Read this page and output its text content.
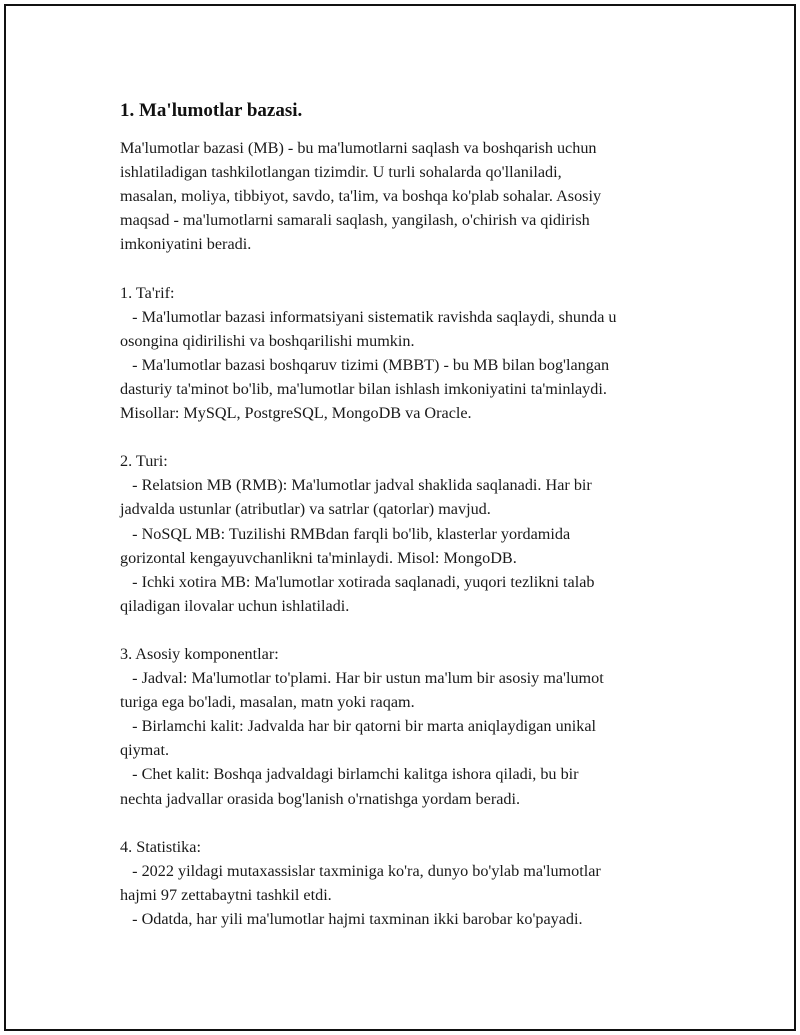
1. Ma'lumotlar bazasi.

Ma'lumotlar bazasi (MB) - bu ma'lumotlarni saqlash va boshqarish uchun

ishlatiladigan tashkilotlangan tizimdir. U turli sohalarda qo'llaniladi,

masalan, moliya, tibbiyot, savdo, ta'lim, va boshqa ko'plab sohalar. Asosiy

maqsad - ma'lumotlarni samarali saqlash, yangilash, o'chirish va qidirish

imkoniyatini beradi.

1. Ta'rif:

- Ma'lumotlar bazasi informatsiyani sistematik ravishda saqlaydi, shunda u

osongina qidirilishi va boshqarilishi mumkin.

- Ma'lumotlar bazasi boshqaruv tizimi (MBBT) - bu MB bilan bog'langan

dasturiy ta'minot bo'lib, ma'lumotlar bilan ishlash imkoniyatini ta'minlaydi.

Misollar: MySQL, PostgreSQL, MongoDB va Oracle.

2. Turi:

- Relatsion MB (RMB): Ma'lumotlar jadval shaklida saqlanadi. Har bir

jadvalda ustunlar (atributlar) va satrlar (qatorlar) mavjud.

- NoSQL MB: Tuzilishi RMBdan farqli bo'lib, klasterlar yordamida

gorizontal kengayuvchanlikni ta'minlaydi. Misol: MongoDB.

- Ichki xotira MB: Ma'lumotlar xotirada saqlanadi, yuqori tezlikni talab

qiladigan ilovalar uchun ishlatiladi.

3. Asosiy komponentlar:

- Jadval: Ma'lumotlar to'plami. Har bir ustun ma'lum bir asosiy ma'lumot

turiga ega bo'ladi, masalan, matn yoki raqam.

- Birlamchi kalit: Jadvalda har bir qatorni bir marta aniqlaydigan unikal

qiymat.

- Chet kalit: Boshqa jadvaldagi birlamchi kalitga ishora qiladi, bu bir

nechta jadvallar orasida bog'lanish o'rnatishga yordam beradi.

4. Statistika:

- 2022 yildagi mutaxassislar taxminiga ko'ra, dunyo bo'ylab ma'lumotlar

hajmi 97 zettabaytni tashkil etdi.

- Odatda, har yili ma'lumotlar hajmi taxminan ikki barobar ko'payadi.
